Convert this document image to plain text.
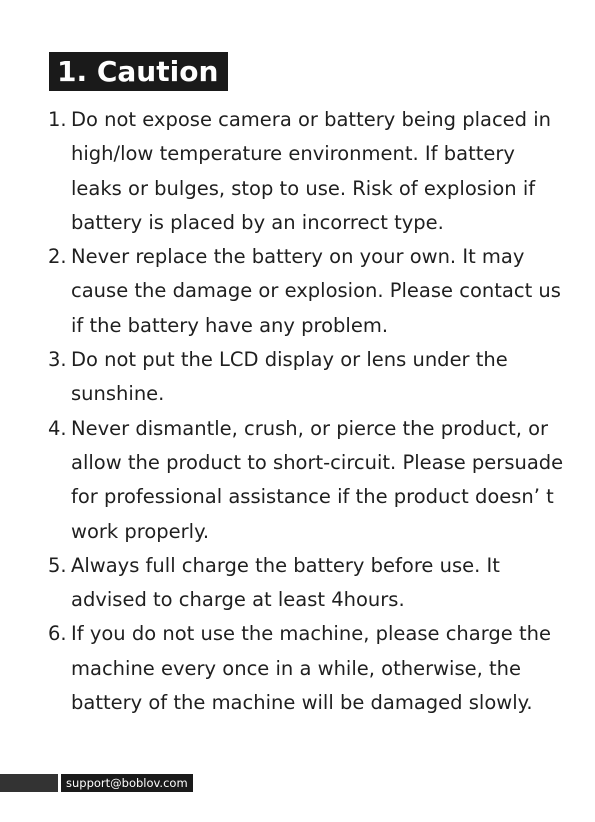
1. Caution
1. Do not expose camera or battery being placed in
high/low temperature environment. If battery
leaks or bulges, stop to use. Risk of explosion if
battery is placed by an incorrect type.
2. Never replace the battery on your own. It may
cause the damage or explosion. Please contact us
if the battery have any problem.
3. Do not put the LCD display or lens under the
sunshine.
4. Never dismantle, crush, or pierce the product, or
allow the product to short-circuit. Please persuade
for professional assistance if the product doesn’ t
work properly.
5. Always full charge the battery before use. It
advised to charge at least 4hours.
6. If you do not use the machine, please charge the
machine every once in a while, otherwise, the
battery of the machine will be damaged slowly.
support@boblov.com
